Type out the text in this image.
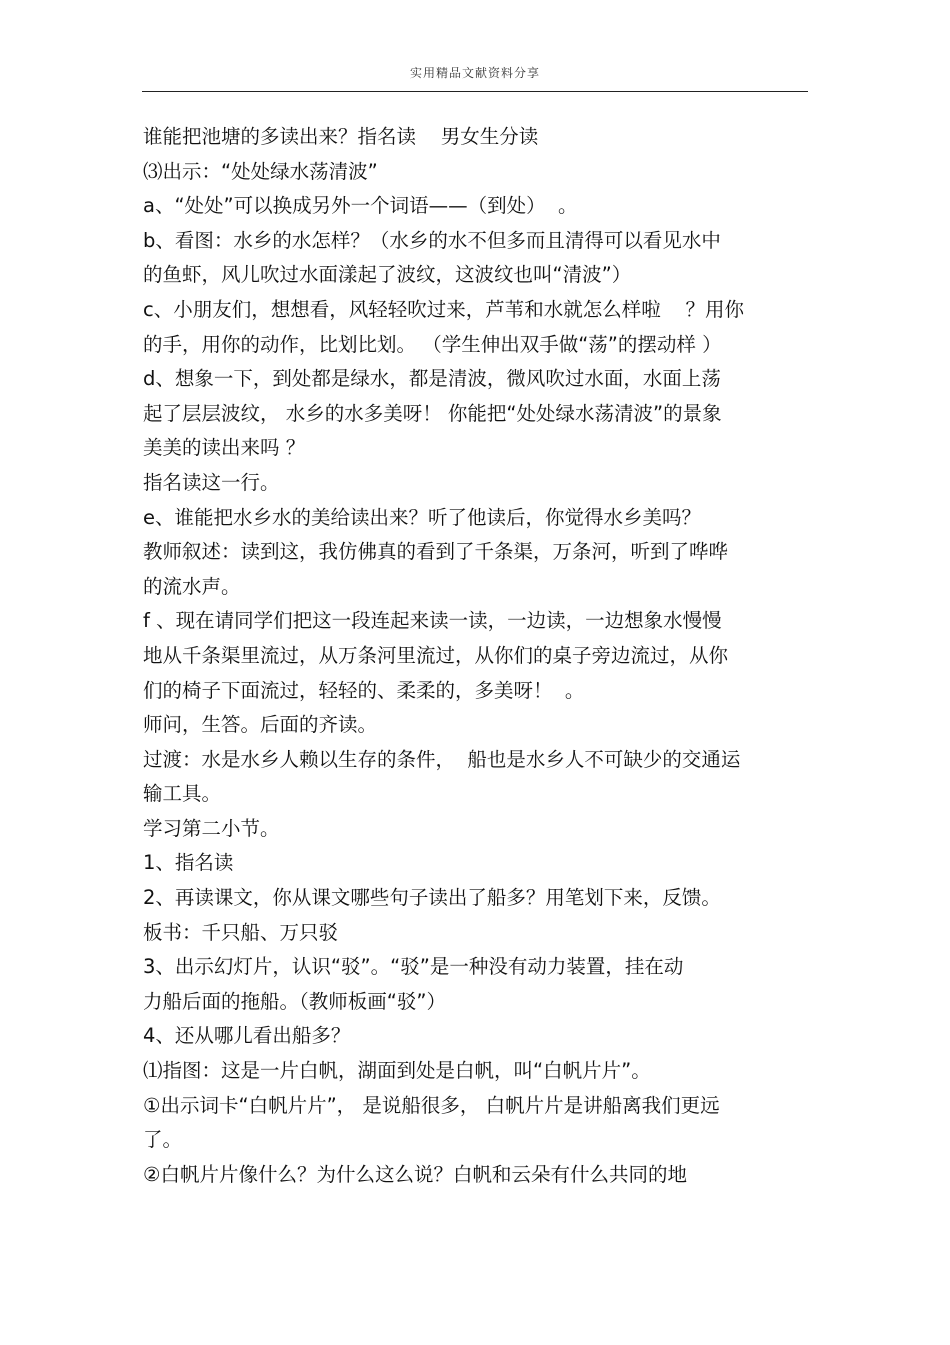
实用精品文献资料分享
谁能把池塘的多读出来？指名读    男女生分读
⑶出示：“处处绿水荡清波”
a、“处处”可以换成另外一个词语——（到处）  。
b、看图：水乡的水怎样？（水乡的水不但多而且清得可以看见水中
的鱼虾，风儿吹过水面漾起了波纹，这波纹也叫“清波”）
c、小朋友们，想想看，风轻轻吹过来，芦苇和水就怎么样啦    ？用你
的手，用你的动作，比划比划。 （学生伸出双手做“荡”的摆动样 ）
d、想象一下，到处都是绿水，都是清波，微风吹过水面，水面上荡
起了层层波纹， 水乡的水多美呀！ 你能把“处处绿水荡清波”的景象
美美的读出来吗 ？
指名读这一行。
e、谁能把水乡水的美给读出来？听了他读后，你觉得水乡美吗？
教师叙述：读到这，我仿佛真的看到了千条渠，万条河，听到了哗哗
的流水声。
f 、现在请同学们把这一段连起来读一读，一边读，一边想象水慢慢
地从千条渠里流过，从万条河里流过，从你们的桌子旁边流过，从你
们的椅子下面流过，轻轻的、柔柔的，多美呀！  。
师问，生答。后面的齐读。
过渡：水是水乡人赖以生存的条件，  船也是水乡人不可缺少的交通运
输工具。
学习第二小节。
1、指名读
2、再读课文，你从课文哪些句子读出了船多？用笔划下来，反馈。
板书：千只船、万只驳
3、出示幻灯片，认识“驳”。“驳”是一种没有动力装置，挂在动
力船后面的拖船。（教师板画“驳”）
4、还从哪儿看出船多？
⑴指图：这是一片白帆，湖面到处是白帆，叫“白帆片片”。
①出示词卡“白帆片片”， 是说船很多， 白帆片片是讲船离我们更远
了。
②白帆片片像什么？为什么这么说？白帆和云朵有什么共同的地
